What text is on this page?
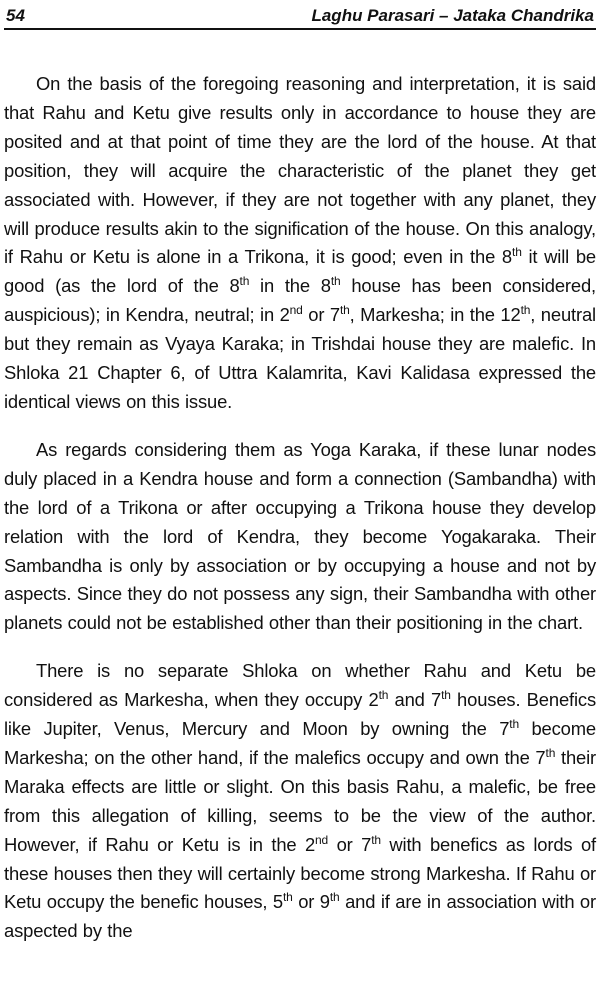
54	Laghu Parasari – Jataka Chandrika

On the basis of the foregoing reasoning and interpretation, it is said that Rahu and Ketu give results only in accordance to house they are posited and at that point of time they are the lord of the house. At that position, they will acquire the characteristic of the planet they get associated with. However, if they are not together with any planet, they will produce results akin to the signification of the house. On this analogy, if Rahu or Ketu is alone in a Trikona, it is good; even in the 8th it will be good (as the lord of the 8th in the 8th house has been considered, auspicious); in Kendra, neutral; in 2nd or 7th, Markesha; in the 12th, neutral but they remain as Vyaya Karaka; in Trishdai house they are malefic. In Shloka 21 Chapter 6, of Uttra Kalamrita, Kavi Kalidasa expressed the identical views on this issue.

As regards considering them as Yoga Karaka, if these lunar nodes duly placed in a Kendra house and form a connection (Sambandha) with the lord of a Trikona or after occupying a Trikona house they develop relation with the lord of Kendra, they become Yogakaraka. Their Sambandha is only by association or by occupying a house and not by aspects. Since they do not possess any sign, their Sambandha with other planets could not be established other than their positioning in the chart.

There is no separate Shloka on whether Rahu and Ketu be considered as Markesha, when they occupy 2th and 7th houses. Benefics like Jupiter, Venus, Mercury and Moon by owning the 7th become Markesha; on the other hand, if the malefics occupy and own the 7th their Maraka effects are little or slight. On this basis Rahu, a malefic, be free from this allegation of killing, seems to be the view of the author. However, if Rahu or Ketu is in the 2nd or 7th with benefics as lords of these houses then they will certainly become strong Markesha. If Rahu or Ketu occupy the benefic houses, 5th or 9th and if are in association with or aspected by the
